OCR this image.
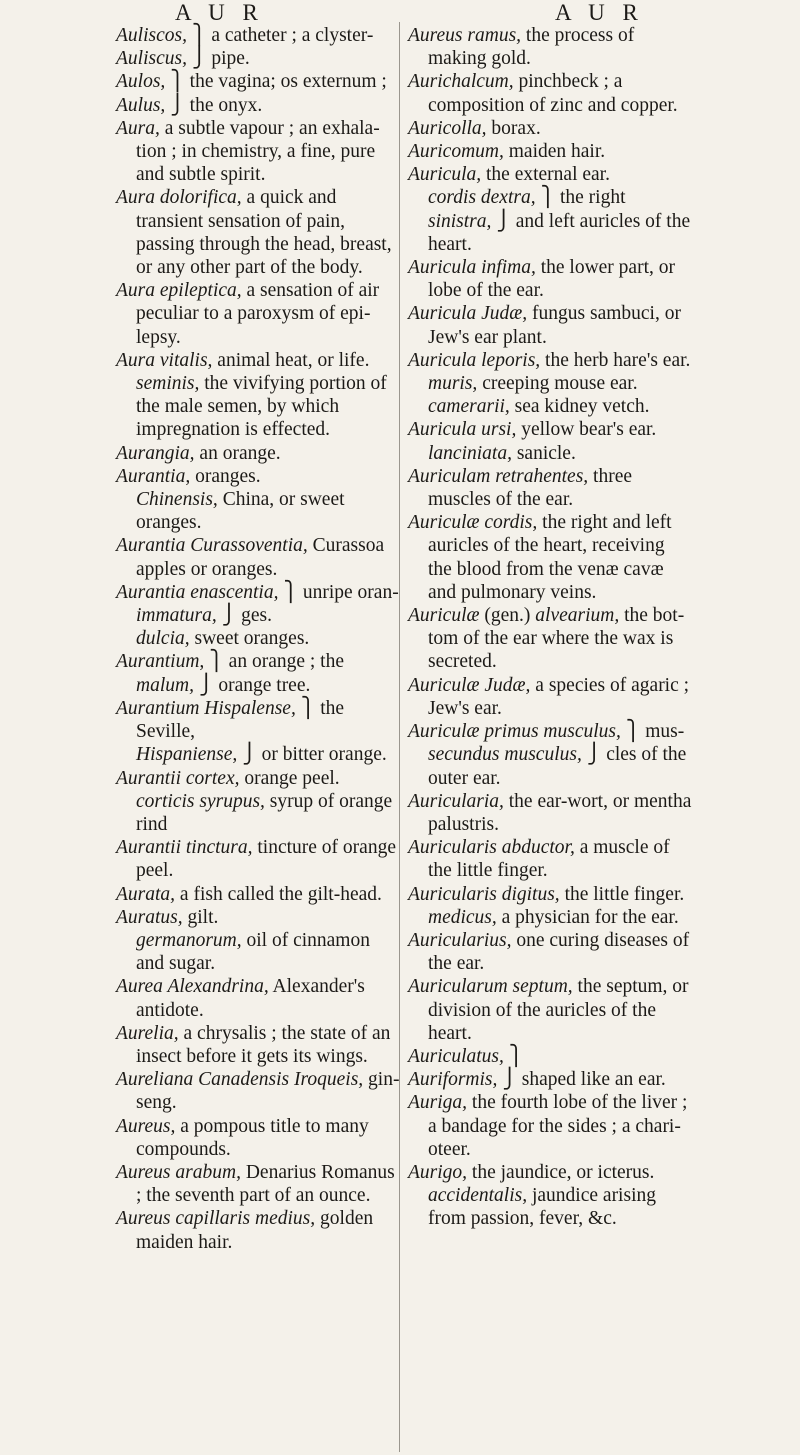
A U R	A U R

Auliscos, ⎫ a catheter ; a clyster-

Auliscus, ⎭ pipe.

Aulos, ⎫ the vagina; os externum ;

Aulus, ⎭ the onyx.

Aura, a subtle vapour ; an exhalation ; in chemistry, a fine, pure and subtle spirit.

Aura dolorifica, a quick and transient sensation of pain, passing through the head, breast, or any other part of the body.

Aura epileptica, a sensation of air peculiar to a paroxysm of epilepsy.

Aura vitalis, animal heat, or life.

seminis, the vivifying portion of the male semen, by which impregnation is effected.

Aurangia, an orange.

Aurantia, oranges.

Chinensis, China, or sweet oranges.

Aurantia Curassoventia, Curassoa apples or oranges.

Aurantia enascentia, ⎫ unripe oran-

immatura, ⎭ ges.

dulcia, sweet oranges.

Aurantium, ⎫ an orange ; the

malum, ⎭ orange tree.

Aurantium Hispalense, ⎫ the Seville,

Hispaniense, ⎭ or bitter orange.

Aurantii cortex, orange peel.

corticis syrupus, syrup of orange rind

Aurantii tinctura, tincture of orange peel.

Aurata, a fish called the gilt-head.

Auratus, gilt.

germanorum, oil of cinnamon and sugar.

Aurea Alexandrina, Alexander's antidote.

Aurelia, a chrysalis ; the state of an insect before it gets its wings.

Aureliana Canadensis Iroqueis, ginseng.

Aureus, a pompous title to many compounds.

Aureus arabum, Denarius Romanus ; the seventh part of an ounce.

Aureus capillaris medius, golden maiden hair.

Aureus ramus, the process of making gold.

Aurichalcum, pinchbeck ; a composition of zinc and copper.

Auricolla, borax.

Auricomum, maiden hair.

Auricula, the external ear.

cordis dextra, ⎫ the right

sinistra, ⎭ and left auricles of the heart.

Auricula infima, the lower part, or lobe of the ear.

Auricula Judæ, fungus sambuci, or Jew's ear plant.

Auricula leporis, the herb hare's ear.

muris, creeping mouse ear.

camerarii, sea kidney vetch.

Auricula ursi, yellow bear's ear.

lanciniata, sanicle.

Auriculam retrahentes, three muscles of the ear.

Auriculæ cordis, the right and left auricles of the heart, receiving the blood from the venæ cavæ and pulmonary veins.

Auriculæ (gen.) alvearium, the bottom of the ear where the wax is secreted.

Auriculæ Judæ, a species of agaric ; Jew's ear.

Auriculæ primus musculus, ⎫ mus-

secundus musculus, ⎭ cles of the outer ear.

Auricularia, the ear-wort, or mentha palustris.

Auricularis abductor, a muscle of the little finger.

Auricularis digitus, the little finger.

medicus, a physician for the ear.

Auricularius, one curing diseases of the ear.

Auricularum septum, the septum, or division of the auricles of the heart.

Auriculatus, ⎫

Auriformis, ⎭ shaped like an ear.

Auriga, the fourth lobe of the liver ; a bandage for the sides ; a charioteer.

Aurigo, the jaundice, or icterus.

accidentalis, jaundice arising from passion, fever, &c.
